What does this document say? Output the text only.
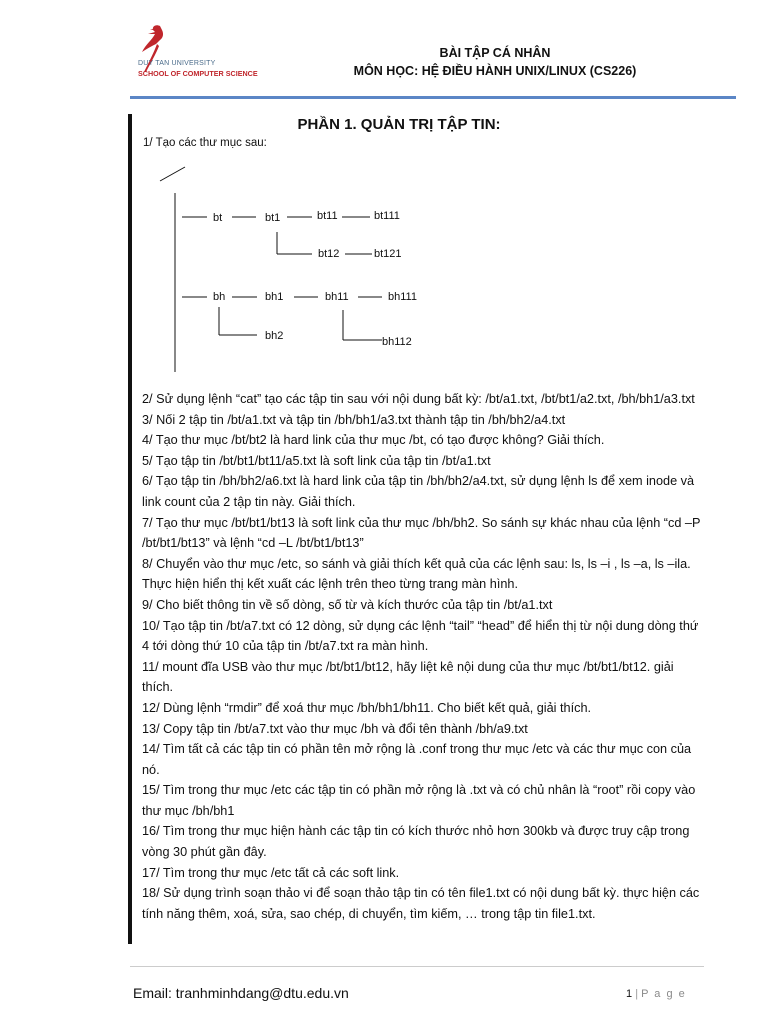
DUY TAN UNIVERSITY
SCHOOL OF COMPUTER SCIENCE
BÀI TẬP CÁ NHÂN
MÔN HỌC: HỆ ĐIỀU HÀNH UNIX/LINUX (CS226)
PHẦN 1. QUẢN TRỊ TẬP TIN:
1/ Tạo các thư mục sau:
bt	bt1	bt11	bt111
bt12	bt121
bh	bh1	bh11	bh111
bh2	bh112

2/ Sử dụng lệnh “cat” tạo các tập tin sau với nội dung bất kỳ: /bt/a1.txt, /bt/bt1/a2.txt, /bh/bh1/a3.txt

3/ Nối 2 tập tin /bt/a1.txt và tập tin /bh/bh1/a3.txt thành tập tin /bh/bh2/a4.txt

4/ Tạo thư mục /bt/bt2 là hard link của thư mục /bt, có tạo được không? Giải thích.

5/ Tạo tập tin /bt/bt1/bt11/a5.txt là soft link của tập tin /bt/a1.txt

6/ Tạo tập tin /bh/bh2/a6.txt là hard link của tập tin /bh/bh2/a4.txt, sử dụng lệnh ls để xem inode và link count của 2 tập tin này. Giải thích.

7/ Tạo thư mục /bt/bt1/bt13 là soft link của thư mục /bh/bh2. So sánh sự khác nhau của lệnh “cd –P /bt/bt1/bt13” và lệnh “cd –L /bt/bt1/bt13”

8/ Chuyển vào thư mục /etc, so sánh và giải thích kết quả của các lệnh sau: ls, ls –i , ls –a, ls –ila. Thực hiện hiển thị kết xuất các lệnh trên theo từng trang màn hình.

9/ Cho biết thông tin về số dòng, số từ và kích thước của tập tin /bt/a1.txt

10/ Tạo tập tin /bt/a7.txt có 12 dòng, sử dụng các lệnh “tail” “head” để hiển thị từ nội dung dòng thứ 4 tới dòng thứ 10 của tập tin /bt/a7.txt ra màn hình.

11/ mount đĩa USB vào thư mục /bt/bt1/bt12, hãy liệt kê nội dung của thư mục /bt/bt1/bt12. giải thích.

12/ Dùng lệnh “rmdir” để xoá thư mục /bh/bh1/bh11. Cho biết kết quả, giải thích.

13/ Copy tập tin /bt/a7.txt vào thư mục /bh và đổi tên thành /bh/a9.txt

14/ Tìm tất cả các tập tin có phần tên mở rộng là .conf trong thư mục /etc và các thư mục con của nó.

15/ Tìm trong thư mục /etc các tập tin có phần mở rộng là .txt và có chủ nhân là “root” rồi copy vào thư mục /bh/bh1

16/ Tìm trong thư mục hiện hành các tập tin có kích thước nhỏ hơn 300kb và được truy cập trong vòng 30 phút gần đây.

17/ Tìm trong thư mục /etc tất cả các soft link.

18/ Sử dụng trình soạn thảo vi để soạn thảo tập tin có tên file1.txt có nội dung bất kỳ. thực hiện các tính năng thêm, xoá, sửa, sao chép, di chuyển, tìm kiếm, … trong tập tin file1.txt.

Email: tranhminhdang@dtu.edu.vn	1 | P a g e
